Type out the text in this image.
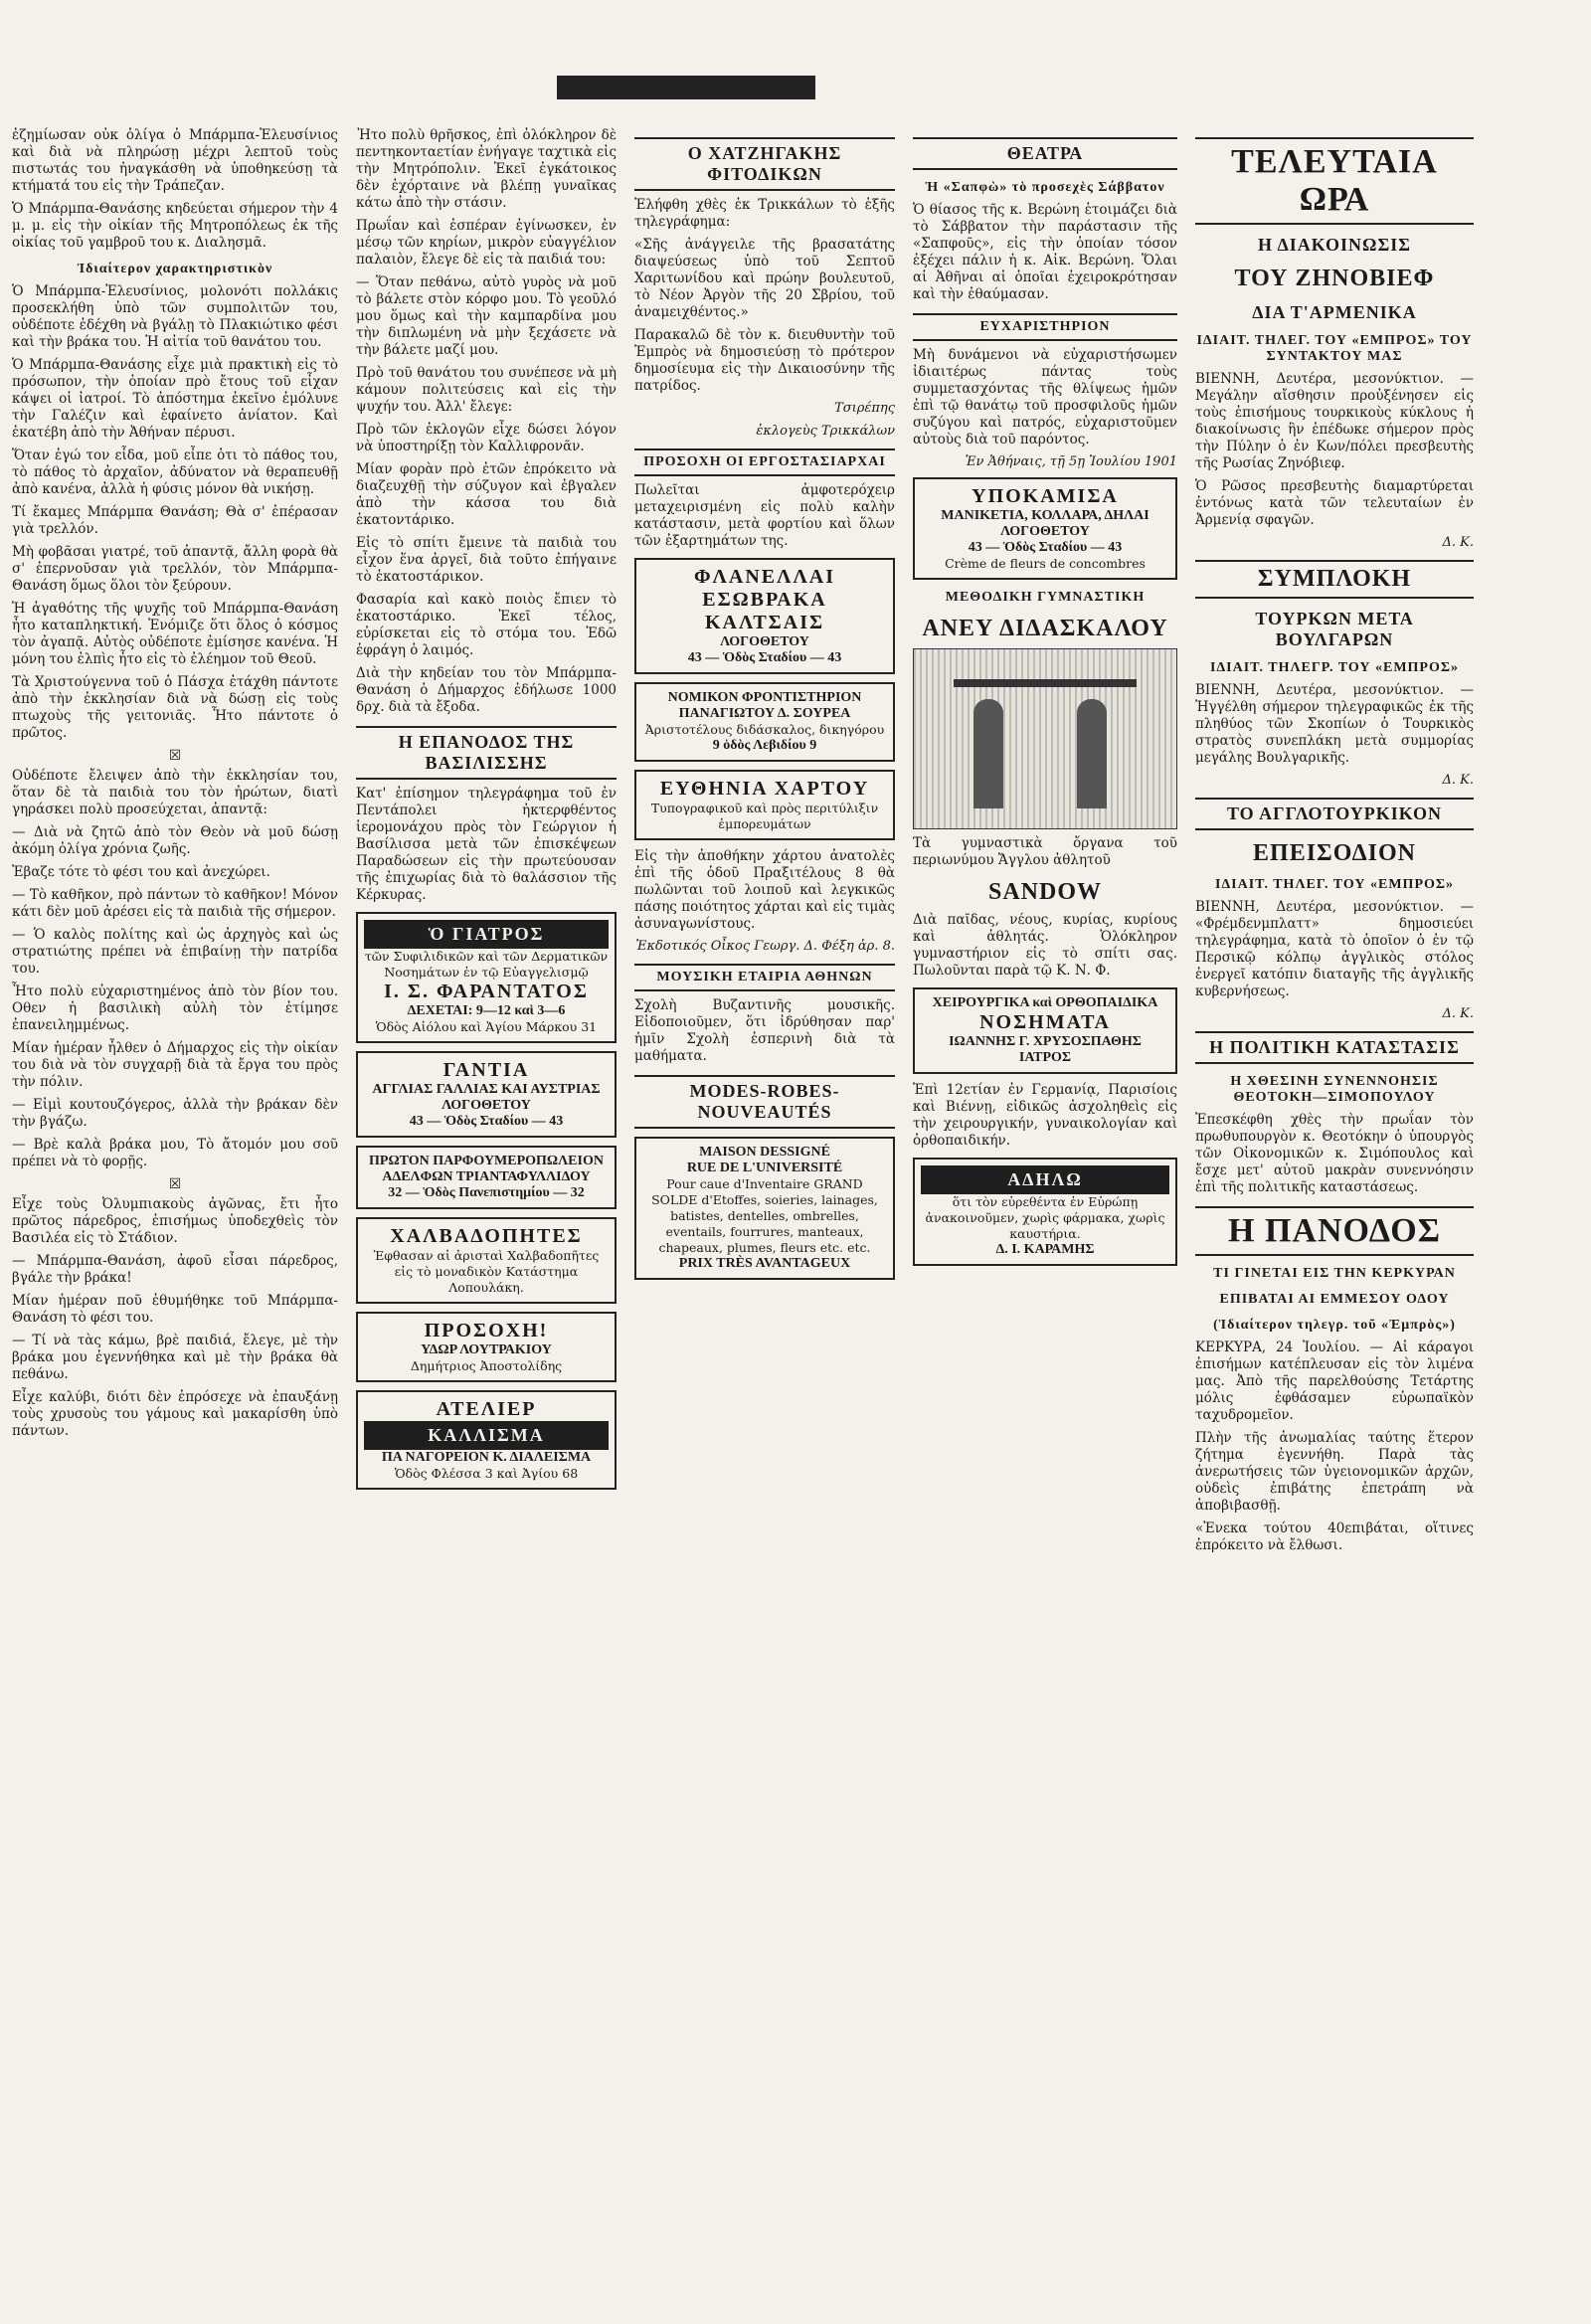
ἐζημίωσαν οὐκ ὀλίγα ὁ Μπάρμπα-Ἐλευσίνιος καὶ διὰ νὰ πληρώσῃ μέχρι λεπτοῦ τοὺς πιστωτάς του ἠναγκάσθη νὰ ὑποθηκεύσῃ τὰ κτήματά του εἰς τὴν Τράπεζαν.

Ὁ Μπάρμπα-Θανάσης κηδεύεται σήμερον τὴν 4 μ. μ. εἰς τὴν οἰκίαν τῆς Μητροπόλεως ἐκ τῆς οἰκίας τοῦ γαμβροῦ του κ. Διαλησμᾶ.

Ἰδιαίτερον χαρακτηριστικὸν

Ὁ Μπάρμπα-Ἐλευσίνιος, μολονότι πολλάκις προσεκλήθη ὑπὸ τῶν συμπολιτῶν του, οὐδέποτε ἐδέχθη νὰ βγάλῃ τὸ Πλακιώτικο φέσι καὶ τὴν βράκα του. Ἡ αἰτία τοῦ θανάτου του.

Ὁ Μπάρμπα-Θανάσης εἶχε μιὰ πρακτικὴ εἰς τὸ πρόσωπον, τὴν ὁποίαν πρὸ ἔτους τοῦ εἶχαν κάψει οἱ ἰατροί. Τὸ ἀπόστημα ἐκεῖνο ἐμόλυνε τὴν Γαλέζιν καὶ ἐφαίνετο ἀνίατον. Καὶ ἐκατέβη ἀπὸ τὴν Ἀθήναν πέρυσι.

Ὅταν ἐγώ τον εἶδα, μοῦ εἶπε ὁτι τὸ πάθος του, τὸ πάθος τὸ ἀρχαῖον, ἀδύνατον νὰ θεραπευθῇ ἀπὸ κανένα, ἀλλὰ ἡ φύσις μόνον θὰ νικήσῃ.

Τί ἔκαμες Μπάρμπα Θανάση; Θὰ σ' ἐπέρασαν γιὰ τρελλόν.

Μὴ φοβᾶσαι γιατρέ, τοῦ ἀπαντᾷ, ἄλλη φορὰ θὰ σ' ἐπερνοῦσαν γιὰ τρελλόν, τὸν Μπάρμπα-Θανάση ὅμως ὅλοι τὸν ξεύρουν.

Ἡ ἀγαθότης τῆς ψυχῆς τοῦ Μπάρμπα-Θανάση ἦτο καταπληκτική. Ἐνόμιζε ὅτι ὅλος ὁ κόσμος τὸν ἀγαπᾷ. Αὐτὸς οὐδέποτε ἐμίσησε κανένα. Ἡ μόνη του ἐλπὶς ἦτο εἰς τὸ ἐλέημον τοῦ Θεοῦ.

Τὰ Χριστούγεννα τοῦ ὁ Πάσχα ἐτάχθη πάντοτε ἀπὸ τὴν ἐκκλησίαν διὰ νὰ δώσῃ εἰς τοὺς πτωχοὺς τῆς γειτονιᾶς. Ἦτο πάντοτε ὁ πρῶτος.

☒

Οὐδέποτε ἔλειψεν ἀπὸ τὴν ἐκκλησίαν του, ὅταν δὲ τὰ παιδιὰ του τὸν ἠρώτων, διατὶ γηράσκει πολὺ προσεύχεται, ἀπαντᾷ:

— Διὰ νὰ ζητῶ ἀπὸ τὸν Θεὸν νὰ μοῦ δώσῃ ἀκόμη ὀλίγα χρόνια ζωῆς.

Ἐβαζε τότε τὸ φέσι του καὶ ἀνεχώρει.

— Τὸ καθῆκον, πρὸ πάντων τὸ καθῆκον! Μόνον κάτι δὲν μοῦ ἀρέσει εἰς τὰ παιδιὰ τῆς σήμερον.

— Ὁ καλὸς πολίτης καὶ ὡς ἀρχηγὸς καὶ ὡς στρατιώτης πρέπει νὰ ἐπιβαίνῃ τὴν πατρίδα του.

Ἦτο πολὺ εὐχαριστημένος ἀπὸ τὸν βίον του. Οθεν ἡ βασιλικὴ αὐλὴ τὸν ἐτίμησε ἐπανειλημμένως.

Μίαν ἡμέραν ἦλθεν ὁ Δήμαρχος εἰς τὴν οἰκίαν του διὰ νὰ τὸν συγχαρῇ διὰ τὰ ἔργα του πρὸς τὴν πόλιν.

— Εἰμὶ κουτουζόγερος, ἀλλὰ τὴν βράκαν δὲν τὴν βγάζω.

— Βρὲ καλὰ βράκα μου, Τὸ ἄτομόν μου σοῦ πρέπει νὰ τὸ φορῇς.

☒

Εἶχε τοὺς Ὀλυμπιακοὺς ἀγῶνας, ἔτι ἦτο πρῶτος πάρεδρος, ἐπισήμως ὑποδεχθεὶς τὸν Βασιλέα εἰς τὸ Στάδιον.

— Μπάρμπα-Θανάση, ἀφοῦ εἶσαι πάρεδρος, βγάλε τὴν βράκα!

Μίαν ἡμέραν ποῦ ἐθυμήθηκε τοῦ Μπάρμπα-Θανάση τὸ φέσι του.

— Τί νὰ τὰς κάμω, βρὲ παιδιά, ἔλεγε, μὲ τὴν βράκα μου ἐγεννήθηκα καὶ μὲ τὴν βράκα θὰ πεθάνω.

Εἶχε καλύβι, διότι δὲν ἐπρόσεχε νὰ ἐπαυξάνῃ τοὺς χρυσοὺς του γάμους καὶ μακαρίσθη ὑπὸ πάντων.

Ἦτο πολὺ θρῆσκος, ἐπὶ ὁλόκληρον δὲ πεντηκονταετίαν ἐνήγαγε ταχτικὰ εἰς τὴν Μητρόπολιν. Ἐκεῖ ἐγκάτοικος δὲν ἐχόρταινε νὰ βλέπῃ γυναῖκας κάτω ἀπὸ τὴν στάσιν.

Πρωΐαν καὶ ἐσπέραν ἐγίνωσκεν, ἐν μέσῳ τῶν κηρίων, μικρὸν εὐαγγέλιον παλαιὸν, ἔλεγε δὲ εἰς τὰ παιδιά του:

— Ὅταν πεθάνω, αὐτὸ γυρὸς νὰ μοῦ τὸ βάλετε στὸν κόρφο μου. Τὸ γεοῦλό μου ὅμως καὶ τὴν καμπαρδίνα μου τὴν διπλωμένη νὰ μὴν ξεχάσετε νὰ τὴν βάλετε μαζί μου.

Πρὸ τοῦ θανάτου του συνέπεσε νὰ μὴ κάμουν πολιτεύσεις καὶ εἰς τὴν ψυχήν του. Ἀλλ' ἔλεγε:

Πρὸ τῶν ἐκλογῶν εἶχε δώσει λόγον νὰ ὑποστηρίξῃ τὸν Καλλιφρονᾶν.

Μίαν φορὰν πρὸ ἐτῶν ἐπρόκειτο νὰ διαζευχθῇ τὴν σύζυγον καὶ ἐβγαλεν ἀπὸ τὴν κάσσα του διὰ ἑκατοντάρικο.

Εἰς τὸ σπίτι ἔμεινε τὰ παιδιὰ του εἶχον ἕνα ἀργεῖ, διὰ τοῦτο ἐπήγαινε τὸ ἑκατοστάρικον.

Φασαρία καὶ κακὸ ποιὸς ἔπιεν τὸ ἑκατοστάρικο. Ἐκεῖ τέλος, εὐρίσκεται εἰς τὸ στόμα του. Ἐδῶ ἐφράγη ὁ λαιμός.

Διὰ τὴν κηδείαν του τὸν Μπάρμπα-Θανάση ὁ Δήμαρχος ἐδήλωσε 1000 δρχ. διὰ τὰ ἔξοδα.

Η ΕΠΑΝΟΔΟΣ ΤΗΣ ΒΑΣΙΛΙΣΣΗΣ

Κατ' ἐπίσημον τηλεγράφημα τοῦ ἐν Πεντάπολει ἠκτερφθέντος ἱερομονάχου πρὸς τὸν Γεώργιον ἡ Βασίλισσα μετὰ τῶν ἐπισκέψεων Παραδώσεων εἰς τὴν πρωτεύουσαν τῆς ἐπιχωρίας διὰ τὸ θαλάσσιον τῆς Κέρκυρας.

Ὁ ΓΙΑΤΡΟΣ
τῶν Συφιλιδικῶν καὶ τῶν Δερματικῶν Νοσημάτων ἐν τῷ Εὐαγγελισμῷ
Ι. Σ. ΦΑΡΑΝΤΑΤΟΣ
ΔΕΧΕΤΑΙ: 9—12 καὶ 3—6
Ὁδὸς Αἰόλου καὶ Ἁγίου Μάρκου 31
ΓΑΝΤΙΑ
ΑΓΓΛΙΑΣ ΓΑΛΛΙΑΣ ΚΑΙ ΑΥΣΤΡΙΑΣ
ΛΟΓΟΘΕΤΟΥ
43 — Ὁδὸς Σταδίου — 43
ΠΡΩΤΟΝ ΠΑΡΦΟΥΜΕΡΟΠΩΛΕΙΟΝ
ΑΔΕΛΦΩΝ ΤΡΙΑΝΤΑΦΥΛΛΙΔΟΥ
32 — Ὁδὸς Πανεπιστημίου — 32
ΧΑΛΒΑΔΟΠΗΤΕΣ
Ἐφθασαν αἱ ἀρισταὶ Χαλβαδοπῆτες εἰς τὸ μοναδικὸν Κατάστημα Λοπουλάκη.
ΠΡΟΣΟΧΗ!
ΥΔΩΡ ΛΟΥΤΡΑΚΙΟΥ
Δημήτριος Ἀποστολίδης
ΑΤΕΛΙΕΡ
ΚΑΛΛΙΣΜΑ
ΠΑ ΝΑΓΟΡΕΙΟΝ Κ. ΔΙΑΛΕΙΣΜΑ
Ὁδὸς Φλέσσα 3 καὶ Ἀγίου 68
Ο ΧΑΤΖΗΓΑΚΗΣ ΦΙΤΟΔΙΚΩΝ

Ἐλήφθη χθὲς ἐκ Τρικκάλων τὸ ἑξῆς τηλεγράφημα:

«Σῆς ἀνάγγειλε τῆς βρασατάτης διαψεύσεως ὑπὸ τοῦ Σεπτοῦ Χαριτωνίδου καὶ πρώην βουλευτοῦ, τὸ Νέον Ἀργὸν τῆς 20 Σβρίου, τοῦ ἀναμειχθέντος.»

Παρακαλῶ δὲ τὸν κ. διευθυντὴν τοῦ Ἐμπρὸς νὰ δημοσιεύσῃ τὸ πρότερον δημοσίευμα εἰς τὴν Δικαιοσύνην τῆς πατρίδος.

Τσιρέπης
ἐκλογεὺς Τρικκάλων
ΠΡΟΣΟΧΗ ΟΙ ΕΡΓΟΣΤΑΣΙΑΡΧΑΙ

Πωλεῖται ἀμφοτερόχειρ μεταχειρισμένη εἰς πολὺ καλὴν κατάστασιν, μετὰ φορτίου καὶ ὅλων τῶν ἐξαρτημάτων της.

ΦΛΑΝΕΛΛΑΙ
ΕΣΩΒΡΑΚΑ ΚΑΛΤΣΑΙΣ
ΛΟΓΟΘΕΤΟΥ
43 — Ὁδὸς Σταδίου — 43
ΝΟΜΙΚΟΝ ΦΡΟΝΤΙΣΤΗΡΙΟΝ
ΠΑΝΑΓΙΩΤΟΥ Δ. ΣΟΥΡΕΑ
Ἀριστοτέλους διδάσκαλος, δικηγόρου
9 ὁδὸς Λεβιδίου 9
ΕΥΘΗΝΙΑ ΧΑΡΤΟΥ
Τυπογραφικοῦ καὶ πρὸς περιτύλιξιν ἐμπορευμάτων

Εἰς τὴν ἀποθήκην χάρτου ἀνατολὲς ἐπὶ τῆς ὁδοῦ Πραξιτέλους 8 θὰ πωλῶνται τοῦ λοιποῦ καὶ λεγκικῶς πάσης ποιότητος χάρται καὶ εἰς τιμὰς ἀσυναγωνίστους.

Ἐκδοτικός Οἶκος Γεωργ. Δ. Φέξη ἀρ. 8.
ΜΟΥΣΙΚΗ ΕΤΑΙΡΙΑ ΑΘΗΝΩΝ

Σχολὴ Βυζαντινῆς μουσικῆς. Εἰδοποιοῦμεν, ὅτι ἱδρύθησαν παρ' ἡμῖν Σχολὴ ἐσπερινὴ διὰ τὰ μαθήματα.

MODES-ROBES-NOUVEAUTÉS
MAISON DESSIGNÉ
RUE DE L'UNIVERSITÉ
Pour caue d'Inventaire GRAND SOLDE d'Etoffes, soieries, lainages, batistes, dentelles, ombrelles, eventails, fourrures, manteaux, chapeaux, plumes, fleurs etc. etc.
PRIX TRÈS AVANTAGEUX
ΘΕΑΤΡΑ
Ἡ «Σαπφὼ» τὸ προσεχὲς Σάββατον

Ὁ θίασος τῆς κ. Βερώνη ἑτοιμάζει διὰ τὸ Σάββατον τὴν παράστασιν τῆς «Σαπφοῦς», εἰς τὴν ὁποίαν τόσον ἐξέχει πάλιν ἡ κ. Αἰκ. Βερώνη. Ὅλαι αἱ Ἀθῆναι αἱ ὁποῖαι ἐχειροκρότησαν καὶ τὴν ἐθαύμασαν.

ΕΥΧΑΡΙΣΤΗΡΙΟΝ

Μὴ δυνάμενοι νὰ εὐχαριστήσωμεν ἰδιαιτέρως πάντας τοὺς συμμετασχόντας τῆς θλίψεως ἡμῶν ἐπὶ τῷ θανάτῳ τοῦ προσφιλοῦς ἡμῶν συζύγου καὶ πατρός, εὐχαριστοῦμεν αὐτοὺς διὰ τοῦ παρόντος.

Ἐν Ἀθήναις, τῇ 5ῃ Ἰουλίου 1901
ΥΠΟΚΑΜΙΣΑ
ΜΑΝΙΚΕΤΙΑ, ΚΟΛΛΑΡΑ, ΔΗΛΑΙ
ΛΟΓΟΘΕΤΟΥ
43 — Ὁδὸς Σταδίου — 43
Crème de fleurs de concombres
ΜΕΘΟΔΙΚΗ ΓΥΜΝΑΣΤΙΚΗ
ΑΝΕΥ ΔΙΔΑΣΚΑΛΟΥ

Τὰ γυμναστικὰ ὄργανα τοῦ περιωνύμου Ἄγγλου ἀθλητοῦ

SANDOW

Διὰ παῖδας, νέους, κυρίας, κυρίους καὶ ἀθλητάς. Ὁλόκληρον γυμναστήριον εἰς τὸ σπίτι σας. Πωλοῦνται παρὰ τῷ Κ. Ν. Φ.

ΧΕΙΡΟΥΡΓΙΚΑ καὶ ΟΡΘΟΠΑΙΔΙΚΑ
ΝΟΣΗΜΑΤΑ
ΙΩΑΝΝΗΣ Γ. ΧΡΥΣΟΣΠΑΘΗΣ
ΙΑΤΡΟΣ

Ἐπὶ 12ετίαν ἐν Γερμανίᾳ, Παρισίοις καὶ Βιέννῃ, εἰδικῶς ἀσχοληθεὶς εἰς τὴν χειρουργικήν, γυναικολογίαν καὶ ὀρθοπαιδικήν.

ΑΔΗΛΩ
ὅτι τὸν εὑρεθέντα ἐν Εὐρώπῃ ἀνακοινοῦμεν, χωρὶς φάρμακα, χωρὶς καυστήρια.
Δ. Ι. ΚΑΡΑΜΗΣ
ΤΕΛΕΥΤΑΙΑ ΩΡΑ
Η ΔΙΑΚΟΙΝΩΣΙΣ
ΤΟΥ ΖΗΝΟΒΙΕΦ
ΔΙΑ Τ'ΑΡΜΕΝΙΚΑ
ΙΔΙΑΙΤ. ΤΗΛΕΓ. ΤΟΥ «ΕΜΠΡΟΣ» ΤΟΥ ΣΥΝΤΑΚΤΟΥ ΜΑΣ

ΒΙΕΝΝΗ, Δευτέρα, μεσονύκτιον. — Μεγάλην αἴσθησιν προὐξένησεν εἰς τοὺς ἐπισήμους τουρκικοὺς κύκλους ἡ διακοίνωσις ἣν ἐπέδωκε σήμερον πρὸς τὴν Πύλην ὁ ἐν Κων/πόλει πρεσβευτὴς τῆς Ρωσίας Ζηνόβιεφ.

Ὁ Ρῶσος πρεσβευτὴς διαμαρτύρεται ἐντόνως κατὰ τῶν τελευταίων ἐν Ἀρμενίᾳ σφαγῶν.

Δ. Κ.
ΣΥΜΠΛΟΚΗ
ΤΟΥΡΚΩΝ ΜΕΤΑ ΒΟΥΛΓΑΡΩΝ
ΙΔΙΑΙΤ. ΤΗΛΕΓΡ. ΤΟΥ «ΕΜΠΡΟΣ»

ΒΙΕΝΝΗ, Δευτέρα, μεσονύκτιον. — Ἠγγέλθη σήμερον τηλεγραφικῶς ἐκ τῆς πληθύος τῶν Σκοπίων ὁ Τουρκικὸς στρατὸς συνεπλάκη μετὰ συμμορίας μεγάλης Βουλγαρικῆς.

Δ. Κ.
ΤΟ ΑΓΓΛΟΤΟΥΡΚΙΚΟΝ
ΕΠΕΙΣΟΔΙΟΝ
ΙΔΙΑΙΤ. ΤΗΛΕΓ. ΤΟΥ «ΕΜΠΡΟΣ»

ΒΙΕΝΝΗ, Δευτέρα, μεσονύκτιον. — «Φρέμδενμπλαττ» δημοσιεύει τηλεγράφημα, κατὰ τὸ ὁποῖον ὁ ἐν τῷ Περσικῷ κόλπῳ ἀγγλικὸς στόλος ἐνεργεῖ κατόπιν διαταγῆς τῆς ἀγγλικῆς κυβερνήσεως.

Δ. Κ.
Η ΠΟΛΙΤΙΚΗ ΚΑΤΑΣΤΑΣΙΣ
Η ΧΘΕΣΙΝΗ ΣΥΝΕΝΝΟΗΣΙΣ ΘΕΟΤΟΚΗ—ΣΙΜΟΠΟΥΛΟΥ

Ἐπεσκέφθη χθὲς τὴν πρωΐαν τὸν πρωθυπουργὸν κ. Θεοτόκην ὁ ὑπουργὸς τῶν Οἰκονομικῶν κ. Σιμόπουλος καὶ ἔσχε μετ' αὐτοῦ μακρὰν συνεννόησιν ἐπὶ τῆς πολιτικῆς καταστάσεως.

Η ΠΑΝΟΔΟΣ
ΤΙ ΓΙΝΕΤΑΙ ΕΙΣ ΤΗΝ ΚΕΡΚΥΡΑΝ
ΕΠΙΒΑΤΑΙ ΑΙ ΕΜΜΕΣΟΥ ΟΔΟΥ
(Ἰδιαίτερον τηλεγρ. τοῦ «Ἐμπρὸς»)

ΚΕΡΚΥΡΑ, 24 Ἰουλίου. — Αἱ κάραγοι ἐπισήμων κατέπλευσαν εἰς τὸν λιμένα μας. Ἀπὸ τῆς παρελθούσης Τετάρτης μόλις ἐφθάσαμεν εὐρωπαϊκὸν ταχυδρομεῖον.

Πλὴν τῆς ἀνωμαλίας ταύτης ἕτερον ζήτημα ἐγεννήθη. Παρὰ τὰς ἀνερωτήσεις τῶν ὑγειονομικῶν ἀρχῶν, οὐδεὶς ἐπιβάτης ἐπετράπη νὰ ἀποβιβασθῇ.

«Ἐνεκα τούτου 40επιβάται, οἵτινες ἐπρόκειτο νὰ ἔλθωσι.
